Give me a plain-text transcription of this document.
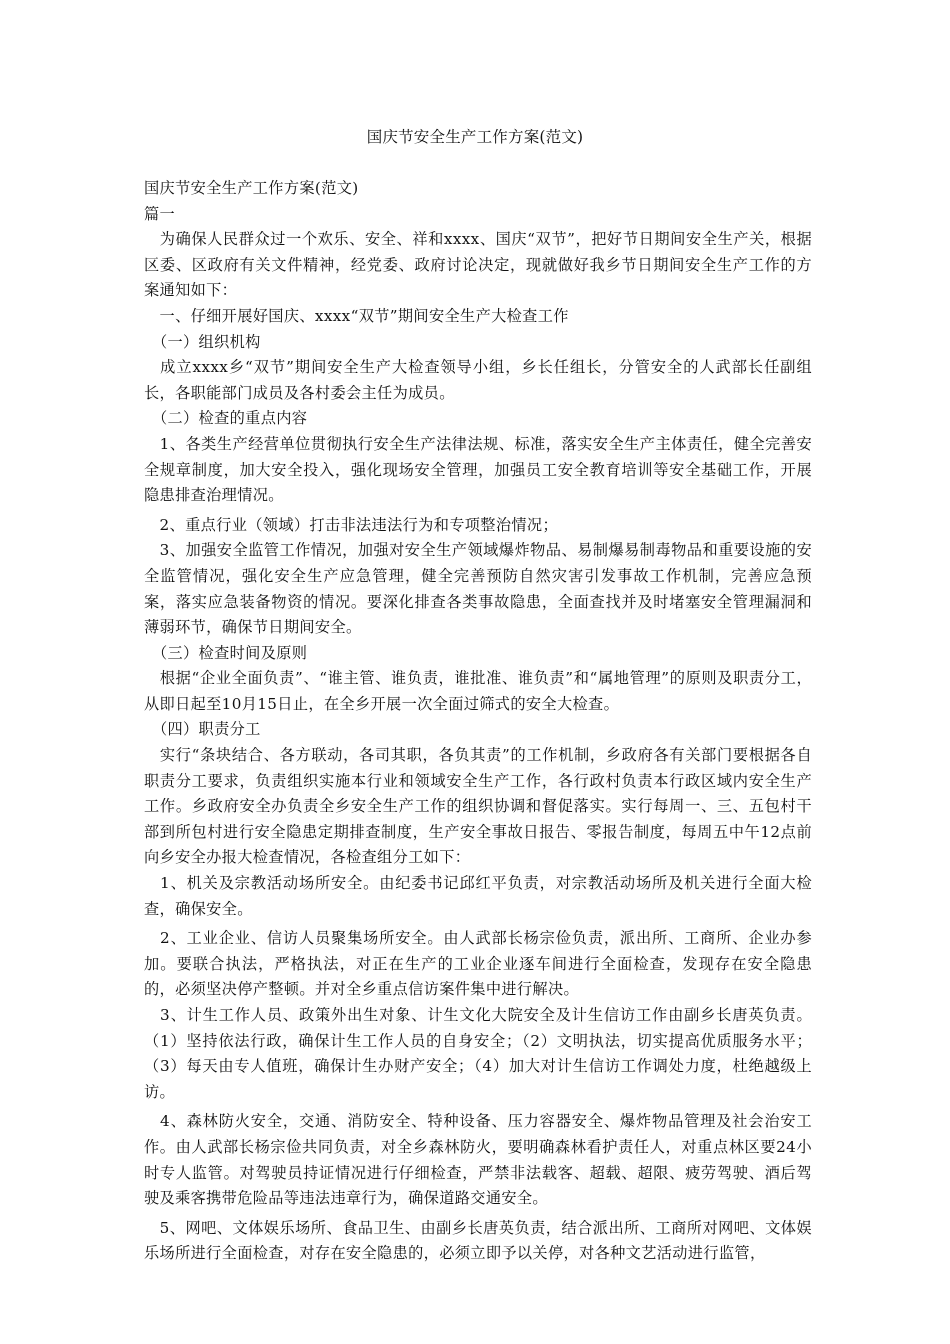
国庆节安全生产工作方案(范文)

国庆节安全生产工作方案(范文)

篇一

　为确保人民群众过一个欢乐、安全、祥和xxxx、国庆“双节”，把好节日期间安全生产关，根据区委、区政府有关文件精神，经党委、政府讨论决定，现就做好我乡节日期间安全生产工作的方案通知如下：

　一、仔细开展好国庆、xxxx“双节”期间安全生产大检查工作

　（一）组织机构

　成立xxxx乡“双节”期间安全生产大检查领导小组，乡长任组长，分管安全的人武部长任副组长，各职能部门成员及各村委会主任为成员。

　（二）检查的重点内容

　1、各类生产经营单位贯彻执行安全生产法律法规、标准，落实安全生产主体责任，健全完善安全规章制度，加大安全投入，强化现场安全管理，加强员工安全教育培训等安全基础工作，开展隐患排查治理情况。

　2、重点行业（领域）打击非法违法行为和专项整治情况；

　3、加强安全监管工作情况，加强对安全生产领域爆炸物品、易制爆易制毒物品和重要设施的安全监管情况，强化安全生产应急管理，健全完善预防自然灾害引发事故工作机制，完善应急预案，落实应急装备物资的情况。要深化排查各类事故隐患，全面查找并及时堵塞安全管理漏洞和薄弱环节，确保节日期间安全。

　（三）检查时间及原则

　根据“企业全面负责”、“谁主管、谁负责，谁批准、谁负责”和“属地管理”的原则及职责分工，从即日起至10月15日止，在全乡开展一次全面过筛式的安全大检查。

　（四）职责分工

　实行“条块结合、各方联动，各司其职，各负其责”的工作机制，乡政府各有关部门要根据各自职责分工要求，负责组织实施本行业和领域安全生产工作，各行政村负责本行政区域内安全生产工作。乡政府安全办负责全乡安全生产工作的组织协调和督促落实。实行每周一、三、五包村干部到所包村进行安全隐患定期排查制度，生产安全事故日报告、零报告制度，每周五中午12点前向乡安全办报大检查情况，各检查组分工如下：

　1、机关及宗教活动场所安全。由纪委书记邱红平负责，对宗教活动场所及机关进行全面大检查，确保安全。

　2、工业企业、信访人员聚集场所安全。由人武部长杨宗俭负责，派出所、工商所、企业办参加。要联合执法，严格执法，对正在生产的工业企业逐车间进行全面检查，发现存在安全隐患的，必须坚决停产整顿。并对全乡重点信访案件集中进行解决。

　3、计生工作人员、政策外出生对象、计生文化大院安全及计生信访工作由副乡长唐英负责。（1）坚持依法行政，确保计生工作人员的自身安全；（2）文明执法，切实提高优质服务水平；（3）每天由专人值班，确保计生办财产安全；（4）加大对计生信访工作调处力度，杜绝越级上访。

　4、森林防火安全，交通、消防安全、特种设备、压力容器安全、爆炸物品管理及社会治安工作。由人武部长杨宗俭共同负责，对全乡森林防火，要明确森林看护责任人，对重点林区要24小时专人监管。对驾驶员持证情况进行仔细检查，严禁非法载客、超载、超限、疲劳驾驶、酒后驾驶及乘客携带危险品等违法违章行为，确保道路交通安全。

　5、网吧、文体娱乐场所、食品卫生、由副乡长唐英负责，结合派出所、工商所对网吧、文体娱乐场所进行全面检查，对存在安全隐患的，必须立即予以关停，对各种文艺活动进行监管，
